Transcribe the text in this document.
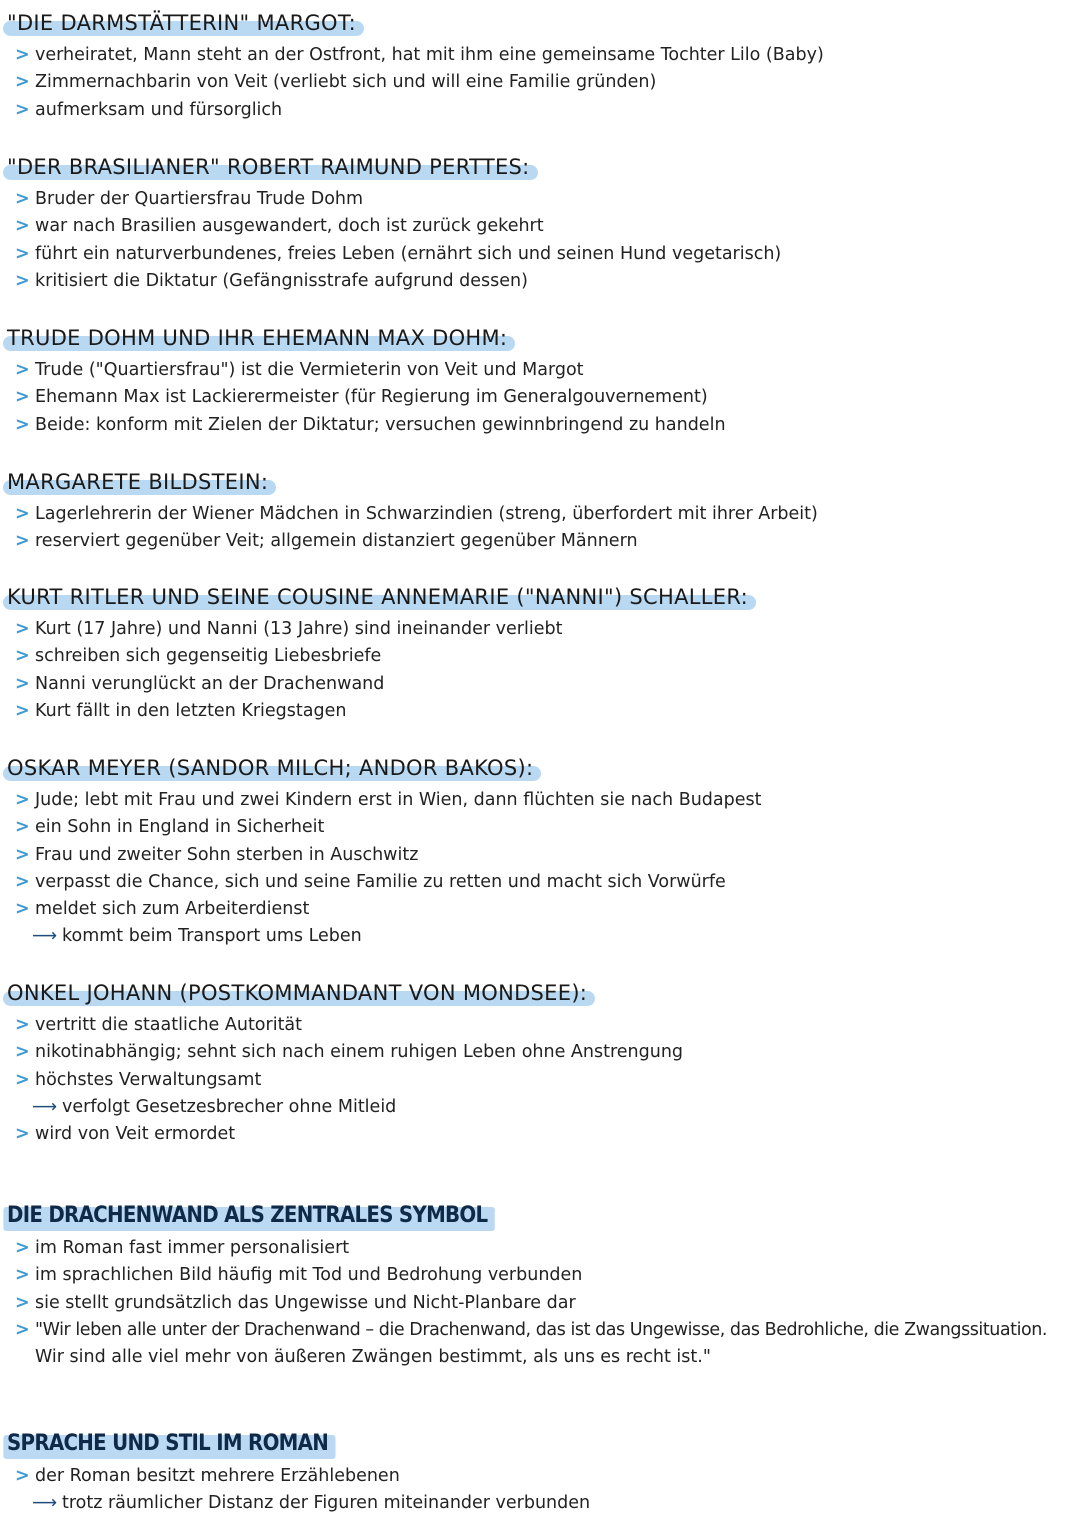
"DIE DARMSTÄTTERIN" MARGOT:
> verheiratet, Mann steht an der Ostfront, hat mit ihm eine gemeinsame Tochter Lilo (Baby)
> Zimmernachbarin von Veit (verliebt sich und will eine Familie gründen)
> aufmerksam und fürsorglich
"DER BRASILIANER" ROBERT RAIMUND PERTTES:
> Bruder der Quartiersfrau Trude Dohm
> war nach Brasilien ausgewandert, doch ist zurück gekehrt
> führt ein naturverbundenes, freies Leben (ernährt sich und seinen Hund vegetarisch)
> kritisiert die Diktatur (Gefängnisstrafe aufgrund dessen)
TRUDE DOHM UND IHR EHEMANN MAX DOHM:
> Trude ("Quartiersfrau") ist die Vermieterin von Veit und Margot
> Ehemann Max ist Lackierermeister (für Regierung im Generalgouvernement)
> Beide: konform mit Zielen der Diktatur; versuchen gewinnbringend zu handeln
MARGARETE BILDSTEIN:
> Lagerlehrerin der Wiener Mädchen in Schwarzindien (streng, überfordert mit ihrer Arbeit)
> reserviert gegenüber Veit; allgemein distanziert gegenüber Männern
KURT RITLER UND SEINE COUSINE ANNEMARIE ("NANNI") SCHALLER:
> Kurt (17 Jahre) und Nanni (13 Jahre) sind ineinander verliebt
> schreiben sich gegenseitig Liebesbriefe
> Nanni verunglückt an der Drachenwand
> Kurt fällt in den letzten Kriegstagen
OSKAR MEYER (SANDOR MILCH; ANDOR BAKOS):
> Jude; lebt mit Frau und zwei Kindern erst in Wien, dann flüchten sie nach Budapest
> ein Sohn in England in Sicherheit
> Frau und zweiter Sohn sterben in Auschwitz
> verpasst die Chance, sich und seine Familie zu retten und macht sich Vorwürfe
> meldet sich zum Arbeiterdienst
⟶ kommt beim Transport ums Leben
ONKEL JOHANN (POSTKOMMANDANT VON MONDSEE):
> vertritt die staatliche Autorität
> nikotinabhängig; sehnt sich nach einem ruhigen Leben ohne Anstrengung
> höchstes Verwaltungsamt
⟶ verfolgt Gesetzesbrecher ohne Mitleid
> wird von Veit ermordet
DIE DRACHENWAND ALS ZENTRALES SYMBOL
> im Roman fast immer personalisiert
> im sprachlichen Bild häufig mit Tod und Bedrohung verbunden
> sie stellt grundsätzlich das Ungewisse und Nicht-Planbare dar
> "Wir leben alle unter der Drachenwand – die Drachenwand, das ist das Ungewisse, das Bedrohliche, die Zwangssituation.
Wir sind alle viel mehr von äußeren Zwängen bestimmt, als uns es recht ist."
SPRACHE UND STIL IM ROMAN
> der Roman besitzt mehrere Erzählebenen
⟶ trotz räumlicher Distanz der Figuren miteinander verbunden
